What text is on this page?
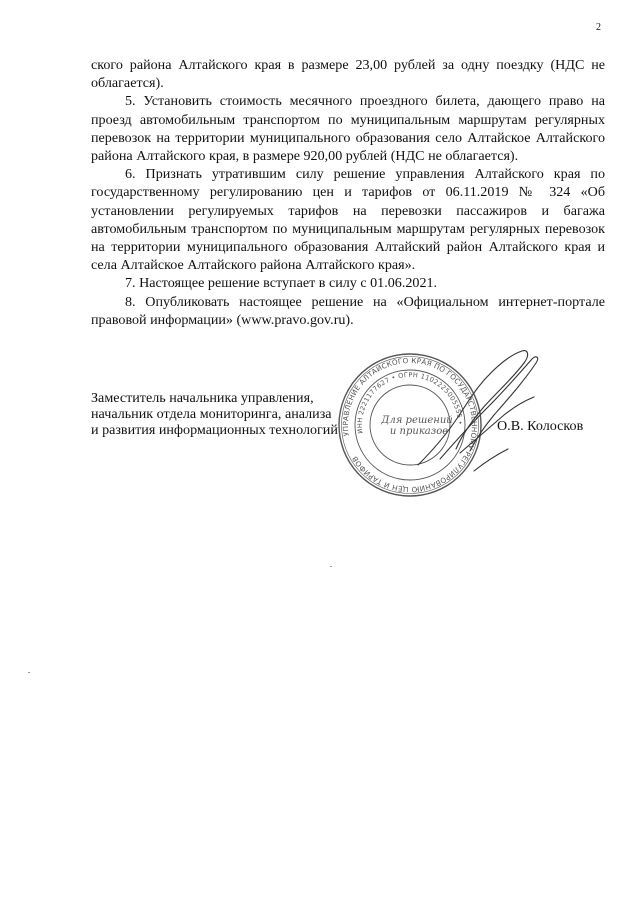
2

ского района Алтайского края в размере 23,00 рублей за одну поездку (НДС не облагается).

5. Установить стоимость месячного проездного билета, дающего право на проезд автомобильным транспортом по муниципальным маршрутам регулярных перевозок на территории муниципального образования село Алтайское Алтайского района Алтайского края, в размере 920,00 рублей (НДС не облагается).

6. Признать утратившим силу решение управления Алтайского края по государственному регулированию цен и тарифов от 06.11.2019 № 324 «Об установлении регулируемых тарифов на перевозки пассажиров и багажа автомобильным транспортом по муниципальным маршрутам регулярных перевозок на территории муниципального образования Алтайский район Алтайского края и села Алтайское Алтайского района Алтайского края».

7. Настоящее решение вступает в силу с 01.06.2021.

8. Опубликовать настоящее решение на «Официальном интернет-портале правовой информации» (www.pravo.gov.ru).

Заместитель начальника управления,
начальник отдела мониторинга, анализа
и развития информационных технологий	О.В. Колосков
УПРАВЛЕНИЕ АЛТАЙСКОГО КРАЯ ПО ГОСУДАРСТВЕННОМУ РЕГУЛИРОВАНИЮ ЦЕН И ТАРИФОВ
ИНН 2221177627 • ОГРН 1102225005555 •
Для решений
и приказов
